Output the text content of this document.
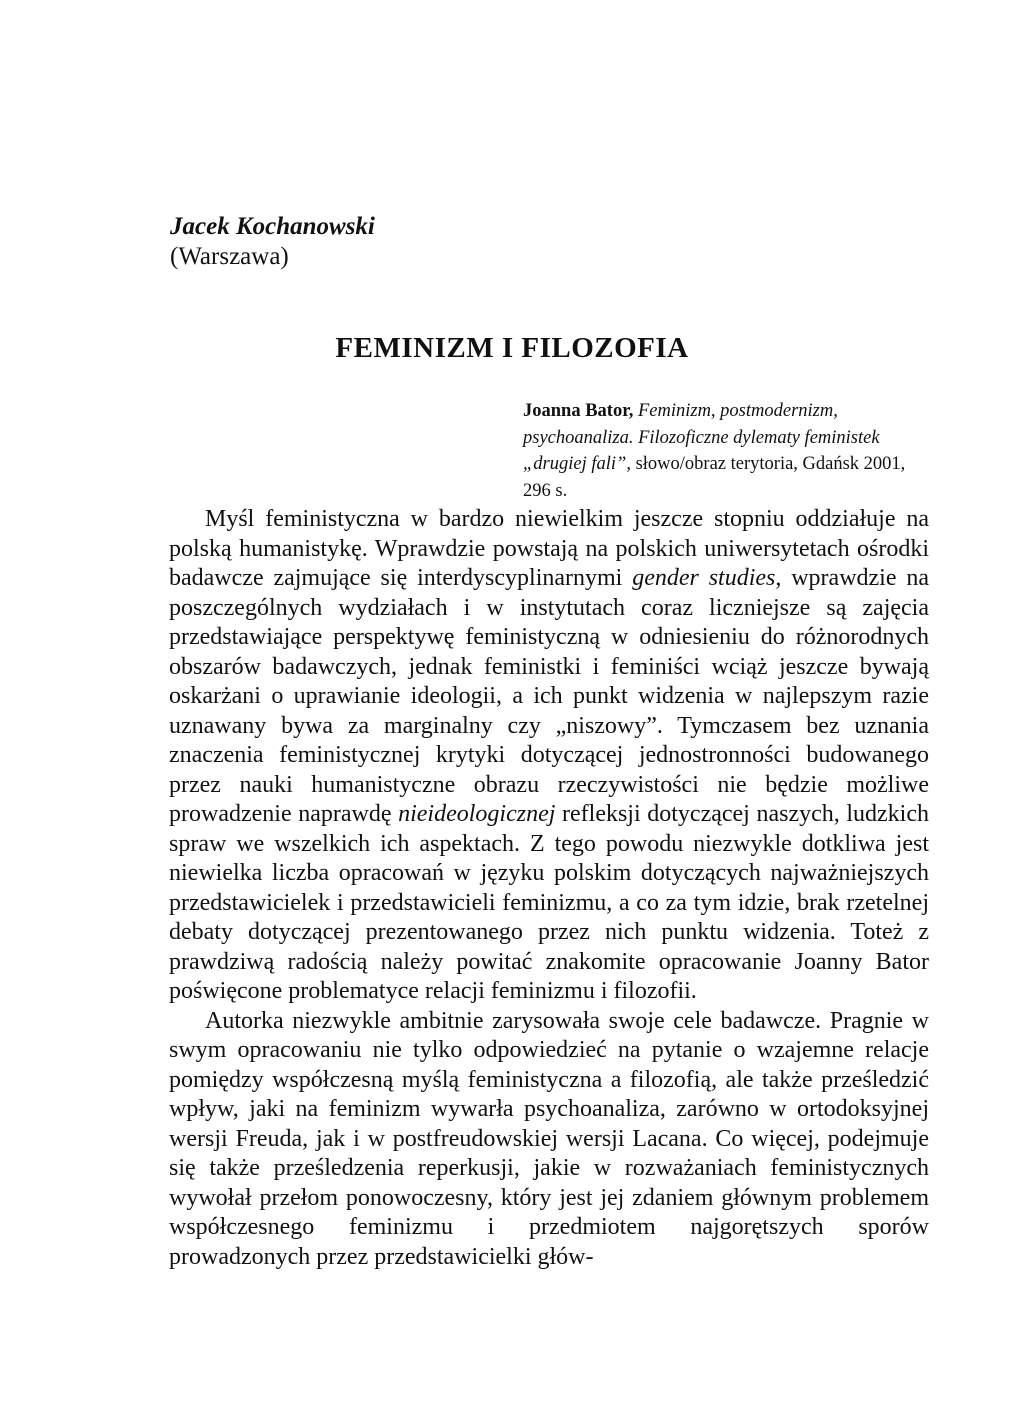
Jacek Kochanowski
(Warszawa)
FEMINIZM I FILOZOFIA
Joanna Bator, Feminizm, postmodernizm, psychoanaliza. Filozoficzne dylematy feministek „drugiej fali”, słowo/obraz terytoria, Gdańsk 2001, 296 s.

Myśl feministyczna w bardzo niewielkim jeszcze stopniu oddziałuje na polską humanistykę. Wprawdzie powstają na polskich uniwersytetach ośrodki badawcze zajmujące się interdyscyplinarnymi gender studies, wprawdzie na poszczególnych wydziałach i w instytutach coraz liczniejsze są zajęcia przedstawiające perspektywę feministyczną w odniesieniu do różnorodnych obszarów badawczych, jednak feministki i feminiści wciąż jeszcze bywają oskarżani o uprawianie ideologii, a ich punkt widzenia w najlepszym razie uznawany bywa za marginalny czy „niszowy”. Tymczasem bez uznania znaczenia feministycznej krytyki dotyczącej jednostronności budowanego przez nauki humanistyczne obrazu rzeczywistości nie będzie możliwe prowadzenie naprawdę nieideologicznej refleksji dotyczącej naszych, ludzkich spraw we wszelkich ich aspektach. Z tego powodu niezwykle dotkliwa jest niewielka liczba opracowań w języku polskim dotyczących najważniejszych przedstawicielek i przedstawicieli feminizmu, a co za tym idzie, brak rzetelnej debaty dotyczącej prezentowanego przez nich punktu widzenia. Toteż z prawdziwą radością należy powitać znakomite opracowanie Joanny Bator poświęcone problematyce relacji feminizmu i filozofii.

Autorka niezwykle ambitnie zarysowała swoje cele badawcze. Pragnie w swym opracowaniu nie tylko odpowiedzieć na pytanie o wzajemne relacje pomiędzy współczesną myślą feministyczna a filozofią, ale także prześledzić wpływ, jaki na feminizm wywarła psychoanaliza, zarówno w ortodoksyjnej wersji Freuda, jak i w postfreudowskiej wersji Lacana. Co więcej, podejmuje się także prześledzenia reperkusji, jakie w rozważaniach feministycznych wywołał przełom ponowoczesny, który jest jej zdaniem głównym problemem współczesnego feminizmu i przedmiotem najgorętszych sporów prowadzonych przez przedstawicielki głów-
